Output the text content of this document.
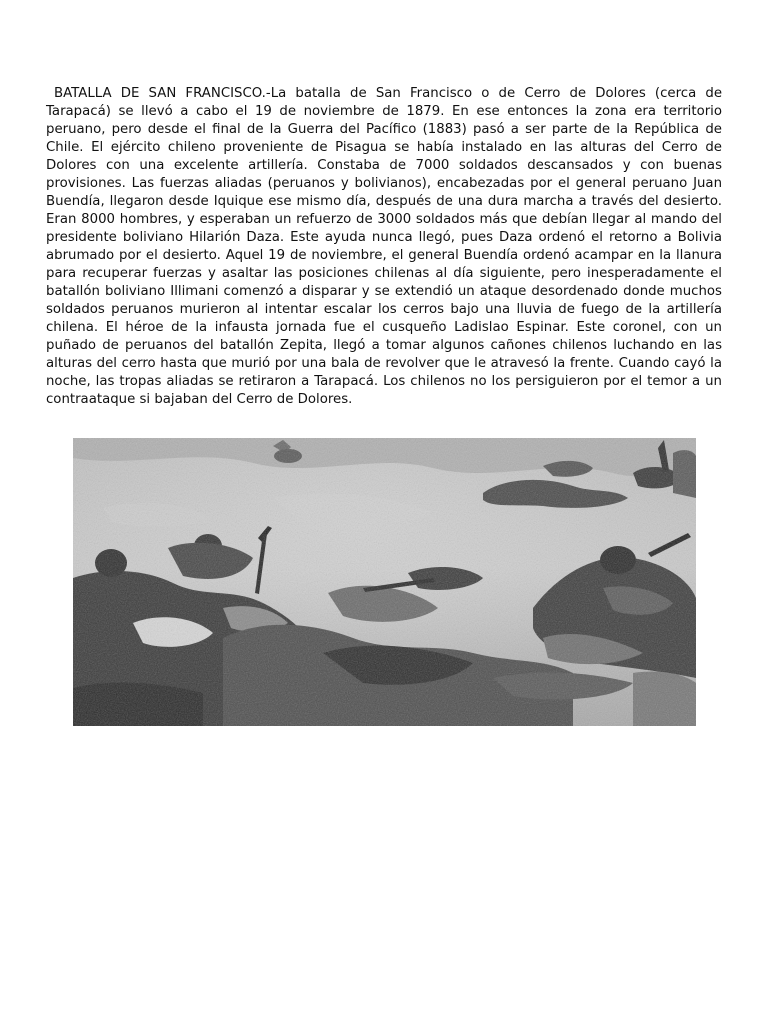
BATALLA DE SAN FRANCISCO.-La batalla de San Francisco o de Cerro de Dolores (cerca de Tarapacá) se llevó a cabo el 19 de noviembre de 1879. En ese entonces la zona era territorio peruano, pero desde el final de la Guerra del Pacífico (1883) pasó a ser parte de la República de Chile. El ejército chileno proveniente de Pisagua se había instalado en las alturas del Cerro de Dolores con una excelente artillería. Constaba de 7000 soldados descansados y con buenas provisiones. Las fuerzas aliadas (peruanos y bolivianos), encabezadas por el general peruano Juan Buendía, llegaron desde Iquique ese mismo día, después de una dura marcha a través del desierto. Eran 8000 hombres, y esperaban un refuerzo de 3000 soldados más que debían llegar al mando del presidente boliviano Hilarión Daza. Este ayuda nunca llegó, pues Daza ordenó el retorno a Bolivia abrumado por el desierto. Aquel 19 de noviembre, el general Buendía ordenó acampar en la llanura para recuperar fuerzas y asaltar las posiciones chilenas al día siguiente, pero inesperadamente el batallón boliviano Illimani comenzó a disparar y se extendió un ataque desordenado donde muchos soldados peruanos murieron al intentar escalar los cerros bajo una lluvia de fuego de la artillería chilena. El héroe de la infausta jornada fue el cusqueño Ladislao Espinar. Este coronel, con un puñado de peruanos del batallón Zepita, llegó a tomar algunos cañones chilenos luchando en las alturas del cerro hasta que murió por una bala de revolver que le atravesó la frente. Cuando cayó la noche, las tropas aliadas se retiraron a Tarapacá. Los chilenos no los persiguieron por el temor a un contraataque si bajaban del Cerro de Dolores.
